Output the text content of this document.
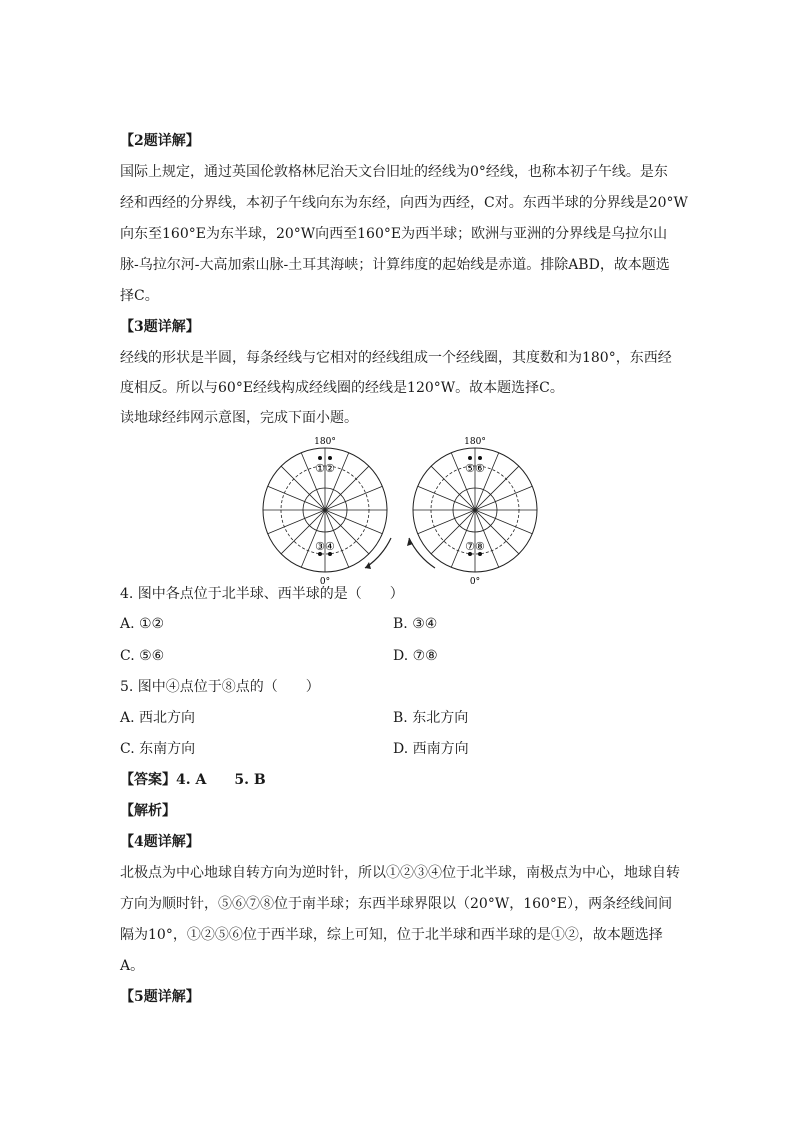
【2题详解】
国际上规定，通过英国伦敦格林尼治天文台旧址的经线为0°经线，也称本初子午线。是东
经和西经的分界线，本初子午线向东为东经，向西为西经，C对。东西半球的分界线是20°W
向东至160°E为东半球，20°W向西至160°E为西半球；欧洲与亚洲的分界线是乌拉尔山
脉-乌拉尔河-大高加索山脉-土耳其海峡；计算纬度的起始线是赤道。排除ABD，故本题选
择C。
【3题详解】
经线的形状是半圆，每条经线与它相对的经线组成一个经线圈，其度数和为180°，东西经
度相反。所以与60°E经线构成经线圈的经线是120°W。故本题选择C。
读地球经纬网示意图，完成下面小题。
180°
0°
①②
③④
180°
0°
⑤⑥
⑦⑧
4. 图中各点位于北半球、西半球的是（　　）
A. ①②	B. ③④
C. ⑤⑥	D. ⑦⑧
5. 图中④点位于⑧点的（　　）
A. 西北方向	B. 东北方向
C. 东南方向	D. 西南方向
【答案】4. A　　5. B
【解析】
【4题详解】
北极点为中心地球自转方向为逆时针，所以①②③④位于北半球，南极点为中心，地球自转
方向为顺时针，⑤⑥⑦⑧位于南半球；东西半球界限以（20°W，160°E），两条经线间间
隔为10°，①②⑤⑥位于西半球，综上可知，位于北半球和西半球的是①②，故本题选择
A。
【5题详解】
